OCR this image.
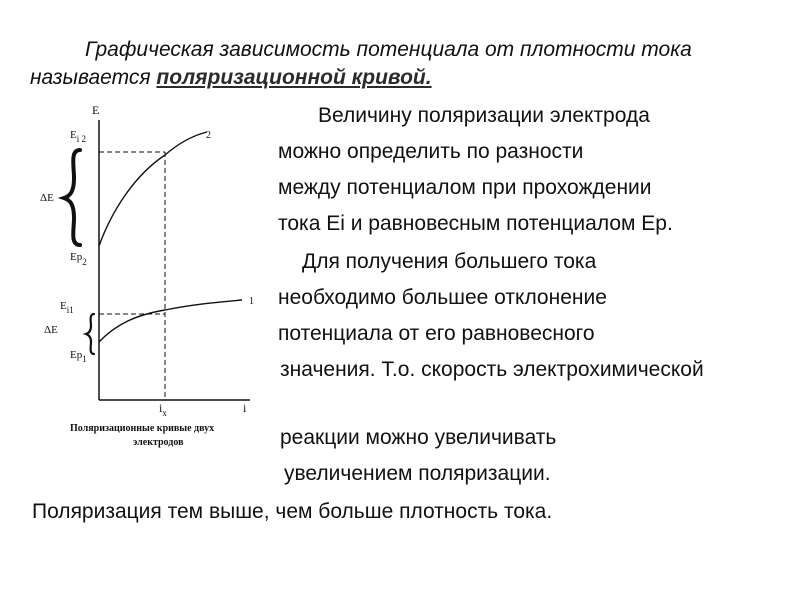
Графическая зависимость потенциала от плотности тока
называется поляризационной кривой.
Величину поляризации электрода
можно определить по разности
между потенциалом при прохождении
тока Ei и равновесным потенциалом Ep.
Для получения большего тока
необходимо большее отклонение
потенциала от его равновесного
значения. Т.о. скорость электрохимической
реакции можно увеличивать
увеличением поляризации.
Поляризация тем выше, чем больше плотность тока.
E
i
$i_x$
2
1
$E_{i 2}$
$Ep_2$
ΔE
$E_{i1}$
$Ep_1$
ΔE
Поляризационные кривые двух
электродов
